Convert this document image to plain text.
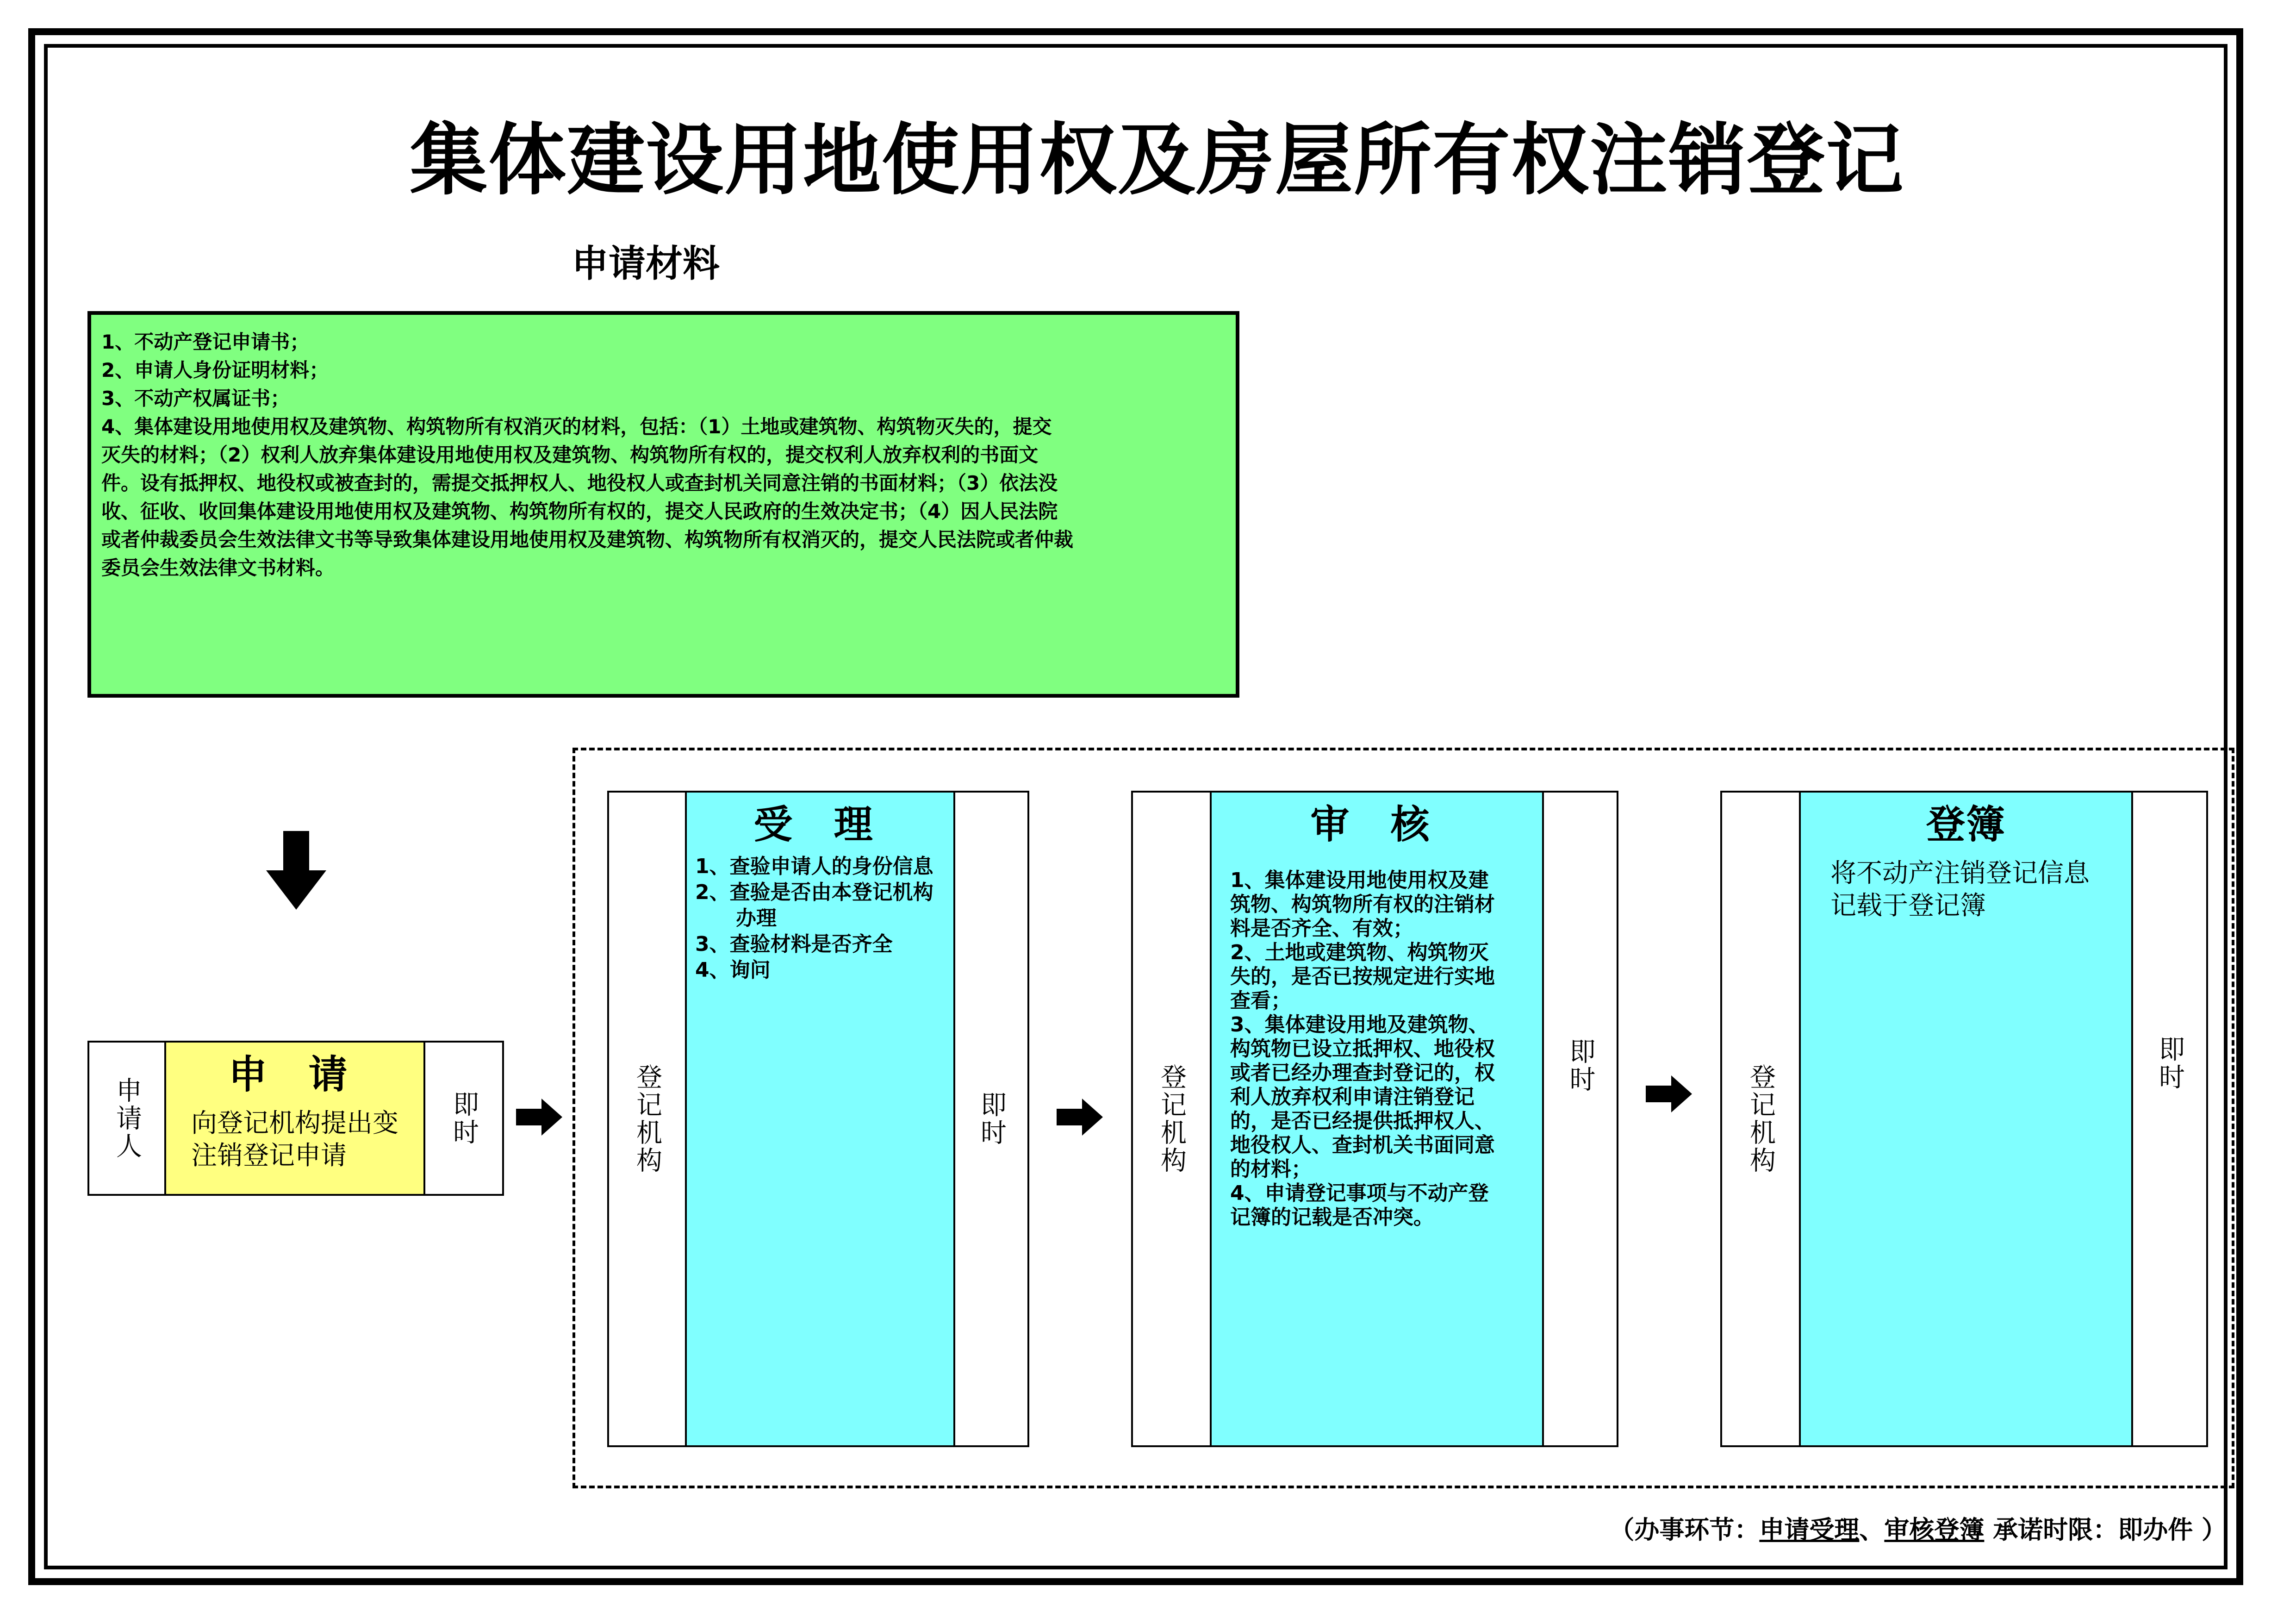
集体建设用地使用权及房屋所有权注销登记
申请材料
1、不动产登记申请书；
2、申请人身份证明材料；
3、不动产权属证书；
4、集体建设用地使用权及建筑物、构筑物所有权消灭的材料，包括：（1）土地或建筑物、构筑物灭失的，提交
灭失的材料；（2）权利人放弃集体建设用地使用权及建筑物、构筑物所有权的，提交权利人放弃权利的书面文
件。设有抵押权、地役权或被查封的，需提交抵押权人、地役权人或查封机关同意注销的书面材料；（3）依法没
收、征收、收回集体建设用地使用权及建筑物、构筑物所有权的，提交人民政府的生效决定书；（4）因人民法院
或者仲裁委员会生效法律文书等导致集体建设用地使用权及建筑物、构筑物所有权消灭的，提交人民法院或者仲裁
委员会生效法律文书材料。
申请人
申 请
向登记机构提出变
注销登记申请
即时	登记机构
受 理
1、查验申请人的身份信息
2、查验是否由本登记机构
　　办理
3、查验材料是否齐全
4、询问
即时	登记机构
审 核
1、集体建设用地使用权及建
筑物、构筑物所有权的注销材
料是否齐全、有效；
2、土地或建筑物、构筑物灭
失的，是否已按规定进行实地
查看；
3、集体建设用地及建筑物、
构筑物已设立抵押权、地役权
或者已经办理查封登记的，权
利人放弃权利申请注销登记
的，是否已经提供抵押权人、
地役权人、查封机关书面同意
的材料；
4、申请登记事项与不动产登
记簿的记载是否冲突。
即时	登记机构
登簿
将不动产注销登记信息
记载于登记簿
即时
（办事环节：申请受理、审核登簿 承诺时限：即办件 ）
